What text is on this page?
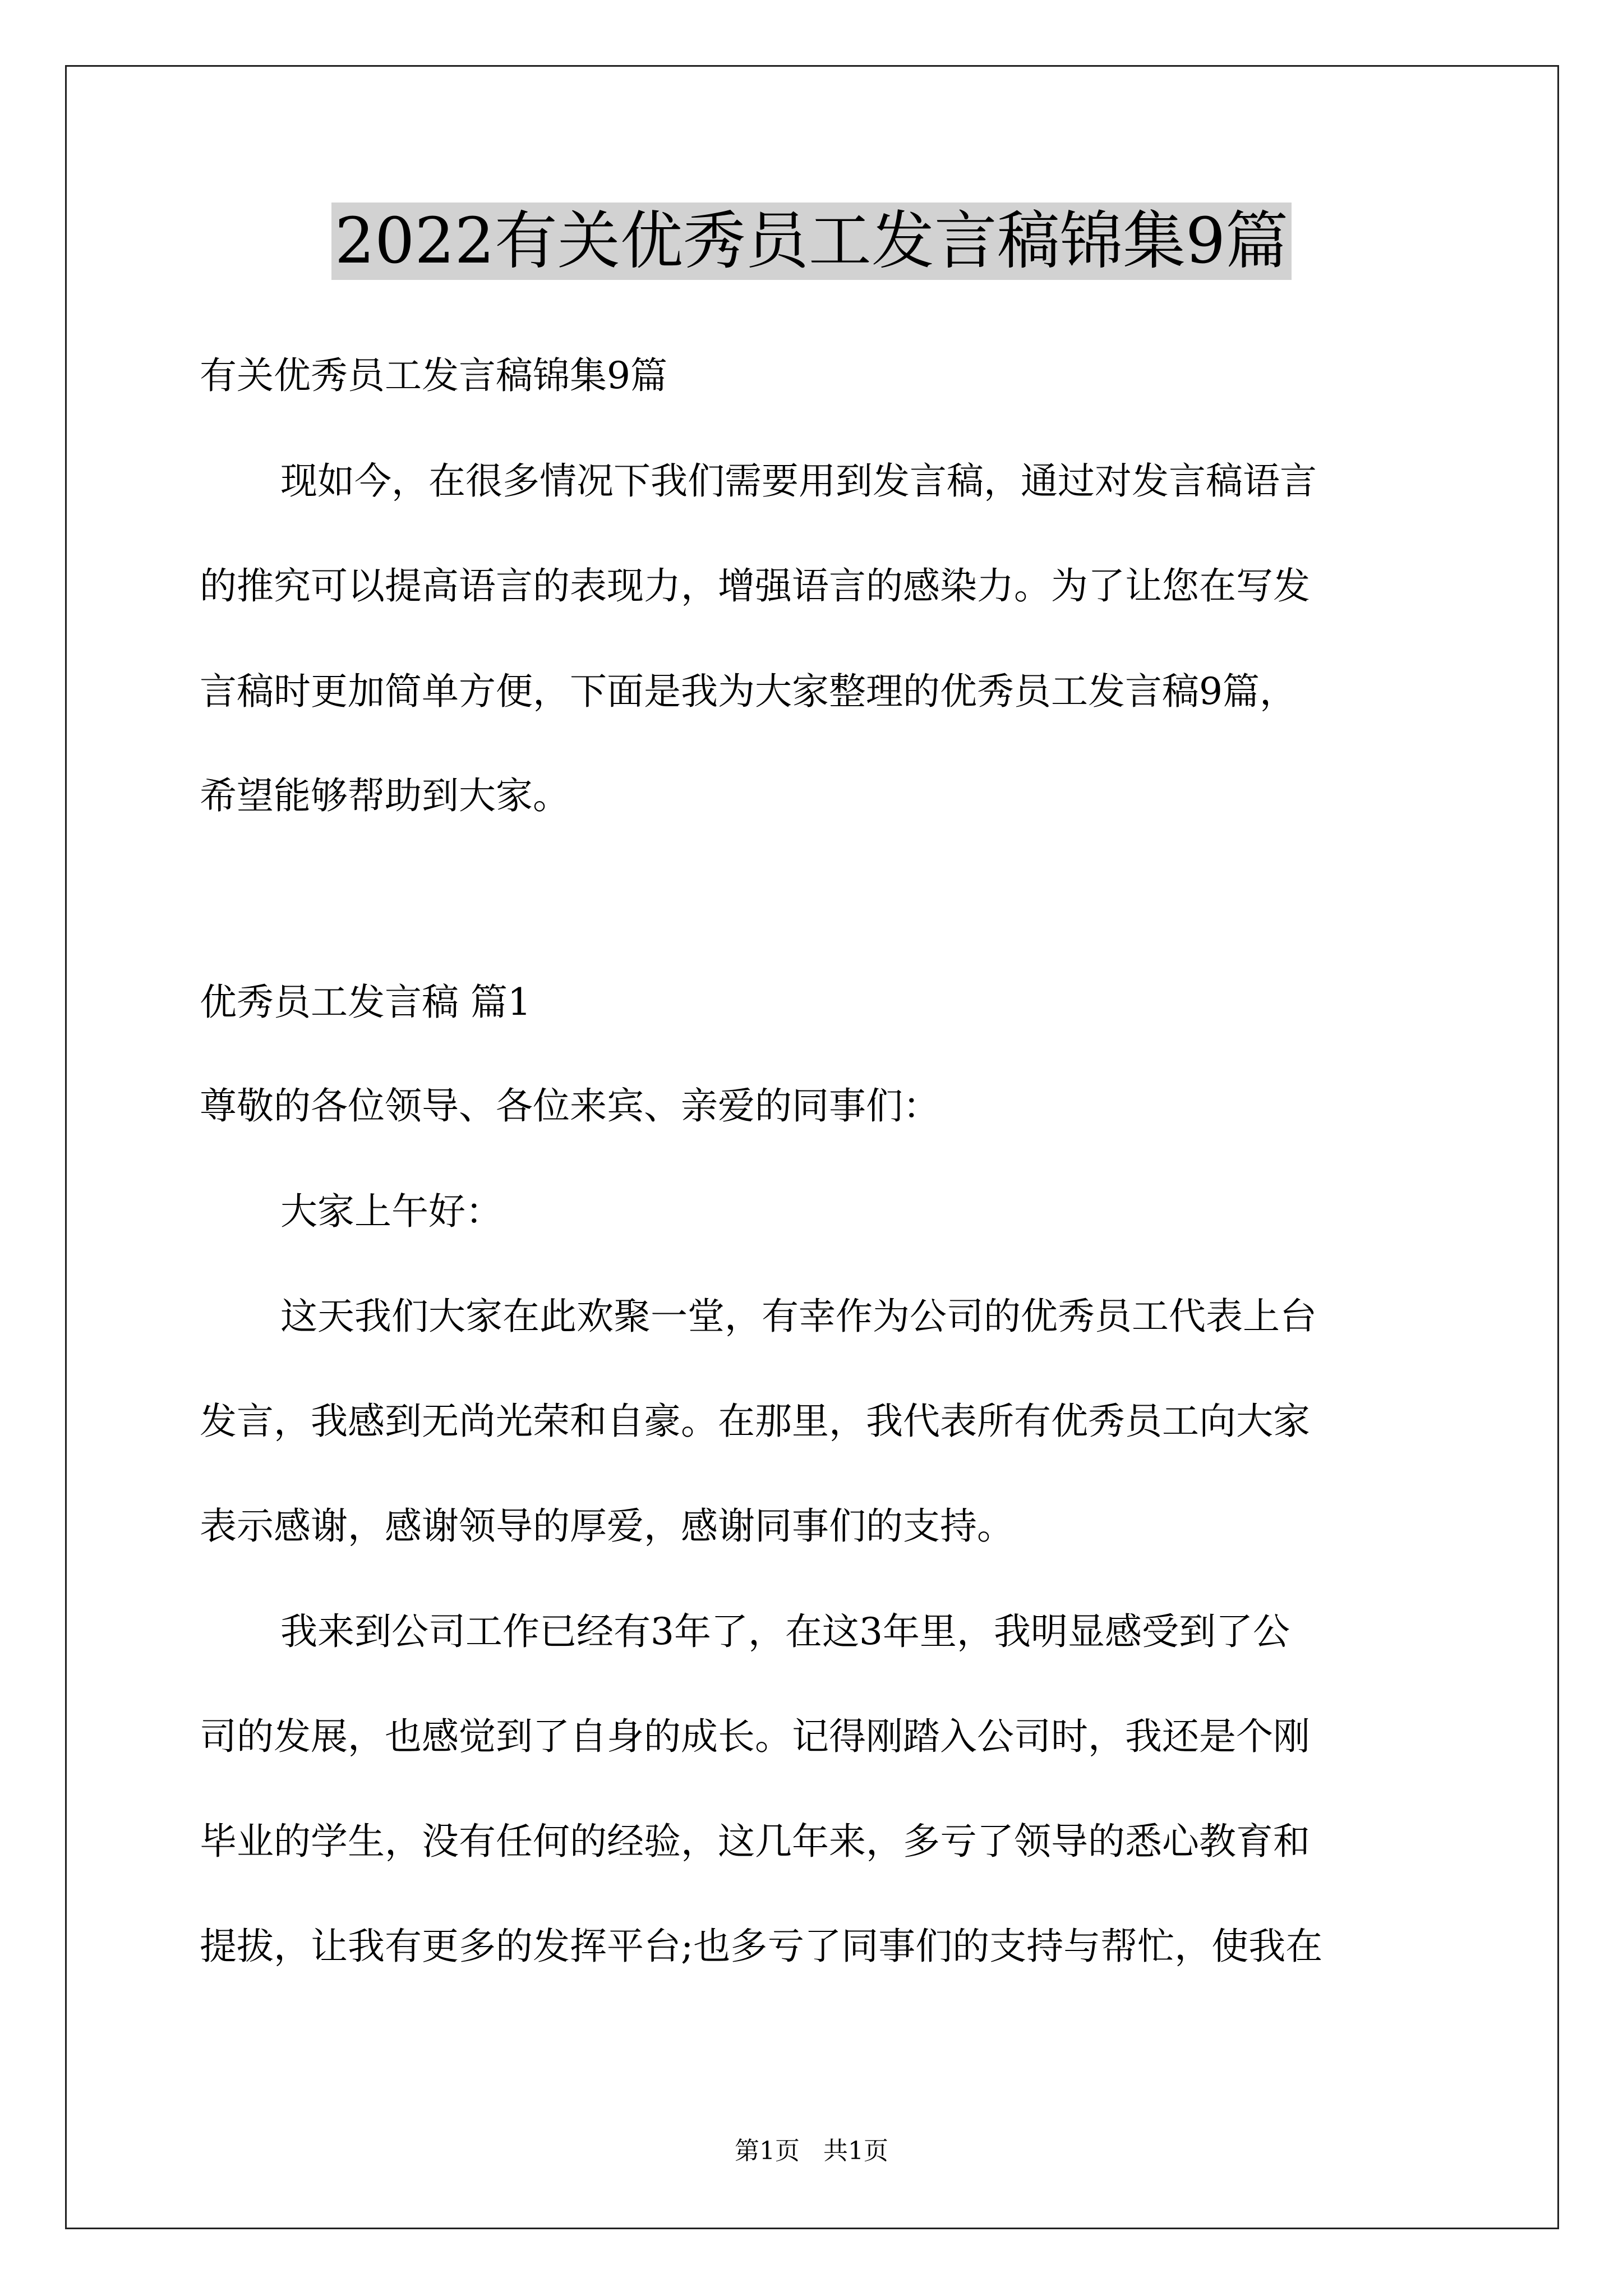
2022有关优秀员工发言稿锦集9篇

有关优秀员工发言稿锦集9篇

现如今，在很多情况下我们需要用到发言稿，通过对发言稿语言

的推究可以提高语言的表现力，增强语言的感染力。为了让您在写发

言稿时更加简单方便，下面是我为大家整理的优秀员工发言稿9篇，

希望能够帮助到大家。

优秀员工发言稿 篇1

尊敬的各位领导、各位来宾、亲爱的同事们：

大家上午好：

这天我们大家在此欢聚一堂，有幸作为公司的优秀员工代表上台

发言，我感到无尚光荣和自豪。在那里，我代表所有优秀员工向大家

表示感谢，感谢领导的厚爱，感谢同事们的支持。

我来到公司工作已经有3年了，在这3年里，我明显感受到了公

司的发展，也感觉到了自身的成长。记得刚踏入公司时，我还是个刚

毕业的学生，没有任何的经验，这几年来，多亏了领导的悉心教育和

提拔，让我有更多的发挥平台;也多亏了同事们的支持与帮忙，使我在

第1页   共1页
